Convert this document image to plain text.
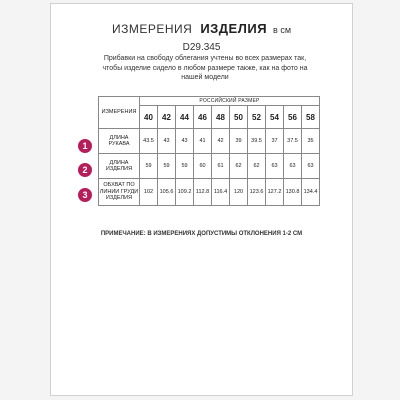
ИЗМЕРЕНИЯ ИЗДЕЛИЯ в см
D29.345
Прибавки на свободу облегания учтены во всех размерах так, чтобы изделие сидело в любом размере также, как на фото на нашей модели
ИЗМЕРЕНИЯ	РОССИЙСКИЙ РАЗМЕР									
	40	42	44	46	48	50	52	54	56	58
ДЛИНА РУКАВА	43.5	43	43	41	42	39	39.5	37	37.5	35
ДЛИНА ИЗДЕЛИЯ	59	59	59	60	61	62	62	63	63	63
ОБХВАТ ПО ЛИНИИ ГРУДИ ИЗДЕЛИЯ	102	105.6	109.2	112.8	116.4	120	123.6	127.2	130.8	134.4
1
2
3
ПРИМЕЧАНИЕ: В ИЗМЕРЕНИЯХ ДОПУСТИМЫ ОТКЛОНЕНИЯ 1-2 СМ
